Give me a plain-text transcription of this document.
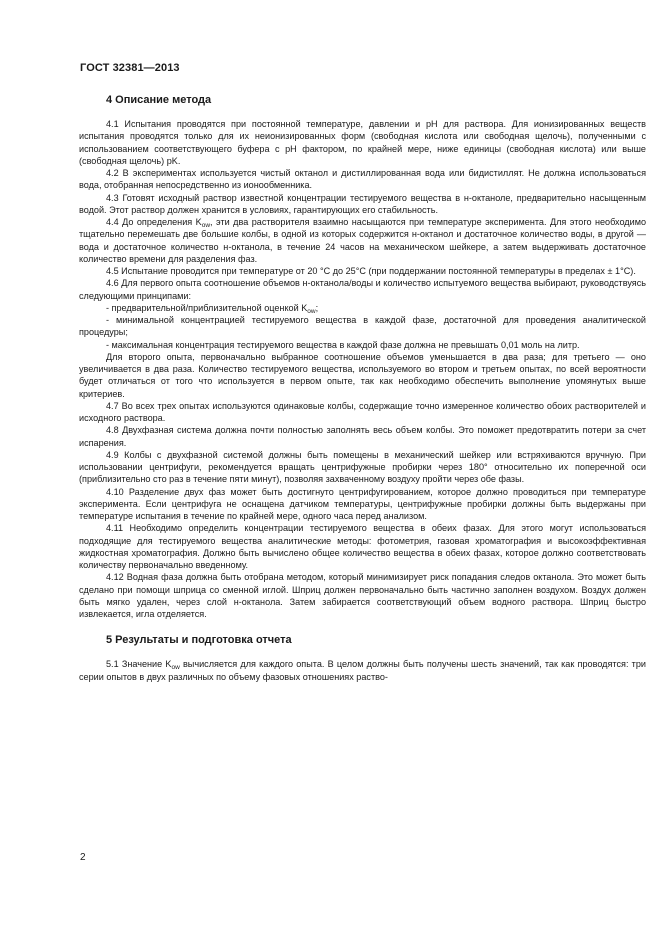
ГОСТ 32381—2013
4 Описание метода

4.1 Испытания проводятся при постоянной температуре, давлении и pH для раствора. Для ионизированных веществ испытания проводятся только для их неионизированных форм (свободная кислота или свободная щелочь), полученными с использованием соответствующего буфера с pH фактором, по крайней мере, ниже единицы (свободная кислота) или выше (свободная щелочь) pK.

4.2 В экспериментах используется чистый октанол и дистиллированная вода или бидистиллят. Не должна использоваться вода, отобранная непосредственно из ионообменника.

4.3 Готовят исходный раствор известной концентрации тестируемого вещества в н-октаноле, предварительно насыщенным водой. Этот раствор должен хранится в условиях, гарантирующих его стабильность.

4.4 До определения $K_{ow}$, эти два растворителя взаимно насыщаются при температуре эксперимента. Для этого необходимо тщательно перемешать две большие колбы, в одной из которых содержится н-октанол и достаточное количество воды, в другой — вода и достаточное количество н-октанола, в течение 24 часов на механическом шейкере, а затем выдерживать достаточное количество времени для разделения фаз.

4.5 Испытание проводится при температуре от 20 °C до 25°C (при поддержании постоянной температуры в пределах ± 1°C).

4.6 Для первого опыта соотношение объемов н-октанола/воды и количество испытуемого вещества выбирают, руководствуясь следующими принципами:

- предварительной/приблизительной оценкой $K_{ow}$;

- минимальной концентрацией тестируемого вещества в каждой фазе, достаточной для проведения аналитической процедуры;

- максимальная концентрация тестируемого вещества в каждой фазе должна не превышать 0,01 моль на литр.

Для второго опыта, первоначально выбранное соотношение объемов уменьшается в два раза; для третьего — оно увеличивается в два раза. Количество тестируемого вещества, используемого во втором и третьем опытах, по всей вероятности будет отличаться от того что используется в первом опыте, так как необходимо обеспечить выполнение упомянутых выше критериев.

4.7 Во всех трех опытах используются одинаковые колбы, содержащие точно измеренное количество обоих растворителей и исходного раствора.

4.8 Двухфазная система должна почти полностью заполнять весь объем колбы. Это поможет предотвратить потери за счет испарения.

4.9 Колбы с двухфазной системой должны быть помещены в механический шейкер или встряхиваются вручную. При использовании центрифуги, рекомендуется вращать центрифужные пробирки через 180° относительно их поперечной оси (приблизительно сто раз в течение пяти минут), позволяя захваченному воздуху пройти через обе фазы.

4.10 Разделение двух фаз может быть достигнуто центрифугированием, которое должно проводиться при температуре эксперимента. Если центрифуга не оснащена датчиком температуры, центрифужные пробирки должны быть выдержаны при температуре испытания в течение по крайней мере, одного часа перед анализом.

4.11 Необходимо определить концентрации тестируемого вещества в обеих фазах. Для этого могут использоваться подходящие для тестируемого вещества аналитические методы: фотометрия, газовая хроматография и высокоэффективная жидкостная хроматография. Должно быть вычислено общее количество вещества в обеих фазах, которое должно соответствовать количеству первоначально введенному.

4.12 Водная фаза должна быть отобрана методом, который минимизирует риск попадания следов октанола. Это может быть сделано при помощи шприца со сменной иглой. Шприц должен первоначально быть частично заполнен воздухом. Воздух должен быть мягко удален, через слой н-октанола. Затем забирается соответствующий объем водного раствора. Шприц быстро извлекается, игла отделяется.

5 Результаты и подготовка отчета

5.1 Значение $K_{ow}$ вычисляется для каждого опыта. В целом должны быть получены шесть значений, так как проводятся: три серии опытов в двух различных по объему фазовых отношениях раство-

2
